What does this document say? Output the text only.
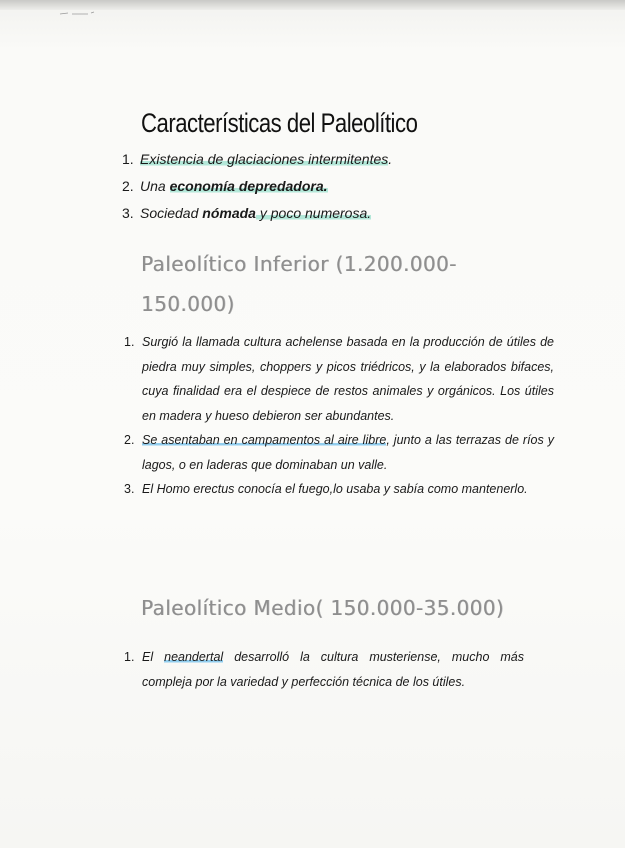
Características del Paleolítico
1. Existencia de glaciaciones intermitentes.
2. Una economía depredadora.
3. Sociedad nómada y poco numerosa.
Paleolítico Inferior (1.200.000-150.000)
1. Surgió la llamada cultura achelense basada en la producción de útiles de piedra muy simples, choppers y picos triédricos, y la elaborados bifaces, cuya finalidad era el despiece de restos animales y orgánicos. Los útiles en madera y hueso debieron ser abundantes.
2. Se asentaban en campamentos al aire libre, junto a las terrazas de ríos y lagos, o en laderas que dominaban un valle.
3. El Homo erectus conocía el fuego,lo usaba y sabía como mantenerlo.
Paleolítico Medio( 150.000-35.000)
1. El neandertal desarrolló la cultura musteriense, mucho más compleja por la variedad y perfección técnica de los útiles.
